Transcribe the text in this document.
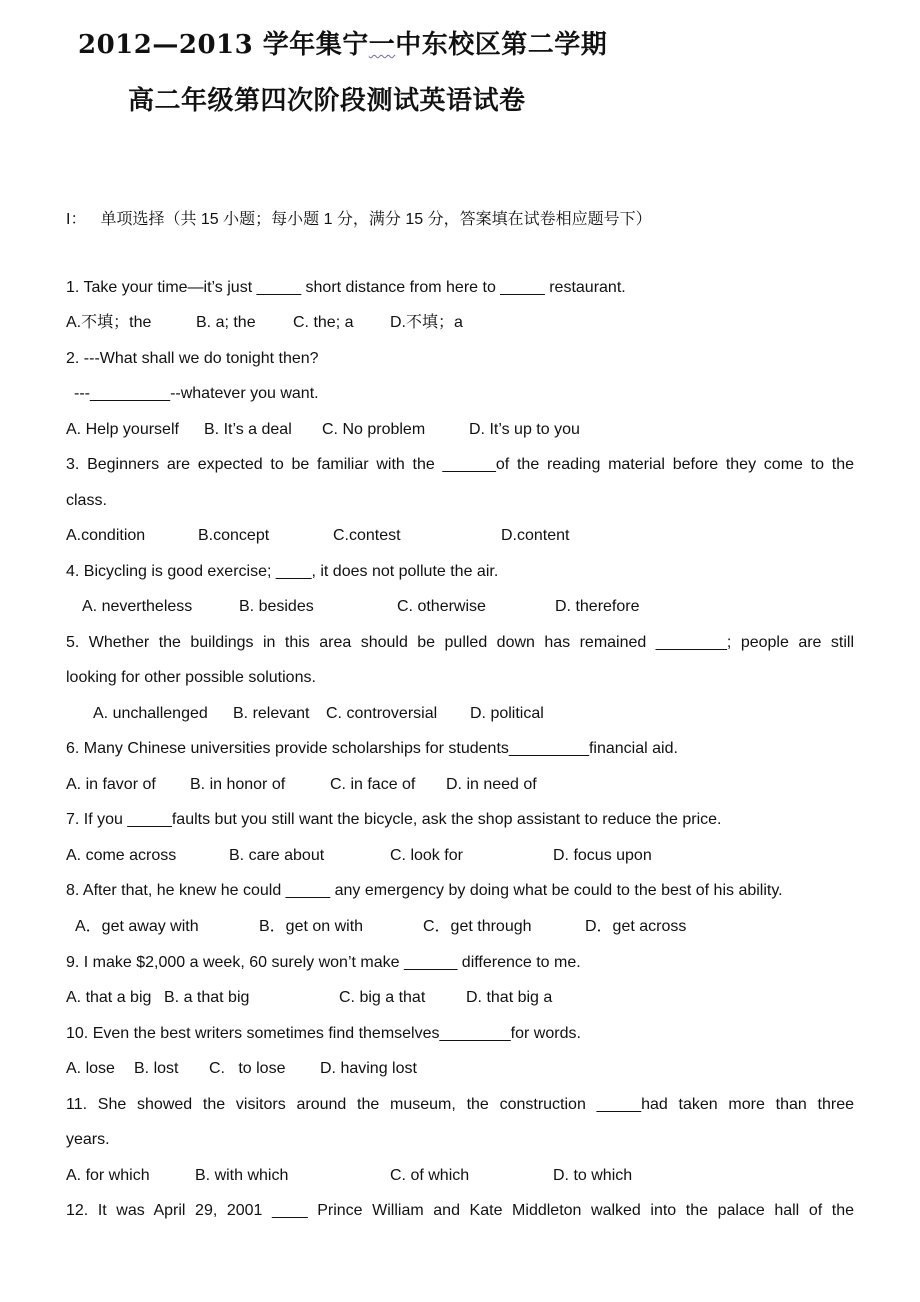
2012—2013 学年集宁一中东校区第二学期
高二年级第四次阶段测试英语试卷
I： 单项选择（共 15 小题；每小题 1 分，满分 15 分，答案填在试卷相应题号下）
1. Take your time—it’s just _____ short distance from here to _____ restaurant.
A.不填；the	B. a; the C. the; a D.不填；a
2. ---What shall we do tonight then?
---_________--whatever you want.
A. Help yourself B. It’s a deal C. No problem	D. It’s up to you
3. Beginners are expected to be familiar with the ______of the reading material before they come to the
class.
A.condition	B.concept	C.contest	D.content
4. Bicycling is good exercise; ____, it does not pollute the air.
A. nevertheless	B. besides	C. otherwise	D. therefore
5. Whether the buildings in this area should be pulled down has remained ________; people are still
looking for other possible solutions.
A. unchallenged B. relevant C. controversial D. political
6. Many Chinese universities provide scholarships for students_________financial aid.
A. in favor of B. in honor of	C. in face of D. in need of
7. If you _____faults but you still want the bicycle, ask the shop assistant to reduce the price.
A. come across	B. care about	C. look for	D. focus upon
8. After that, he knew he could _____ any emergency by doing what be could to the best of his ability.
A．get away with	B．get on with	C．get through	D．get across
9. I make $2,000 a week, 60 surely won’t make ______ difference to me.
A. that a big B. a that big	C. big a that	D. that big a
10. Even the best writers sometimes find themselves________for words.
A. lose B. lost C.   to lose D. having lost
11. She showed the visitors around the museum, the construction _____had taken more than three
years.
A. for which	B. with which	C. of which	D. to which
12. It was April 29, 2001 ____ Prince William and Kate Middleton walked into the palace hall of the
